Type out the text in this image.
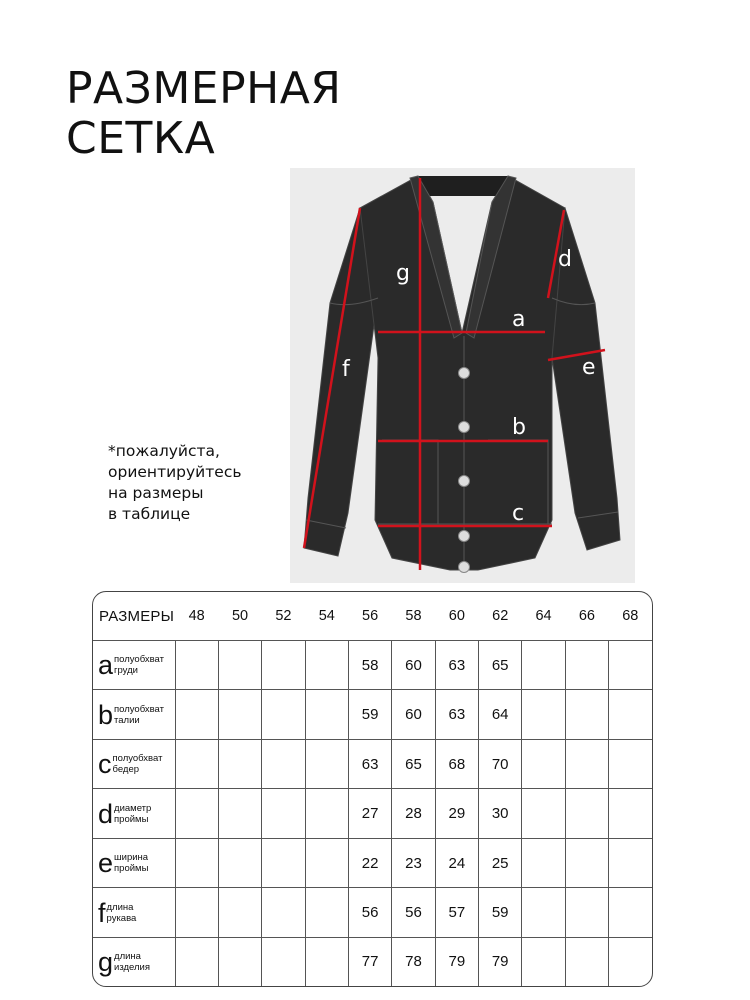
РАЗМЕРНАЯ
СЕТКА
a
b
c
d
e
f
g
*пожалуйста,
ориентируйтесь
на размеры
в таблице
РАЗМЕРЫ	48	50	52	54	56	58	60	62	64	66	68
a полуобхват
груди					58	60	63	65			
b полуобхват
талии					59	60	63	64			
c полуобхват
бедер					63	65	68	70			
d диаметр
проймы					27	28	29	30			
e ширина
проймы					22	23	24	25			
f длина
рукава					56	56	57	59			
g длина
изделия					77	78	79	79			
